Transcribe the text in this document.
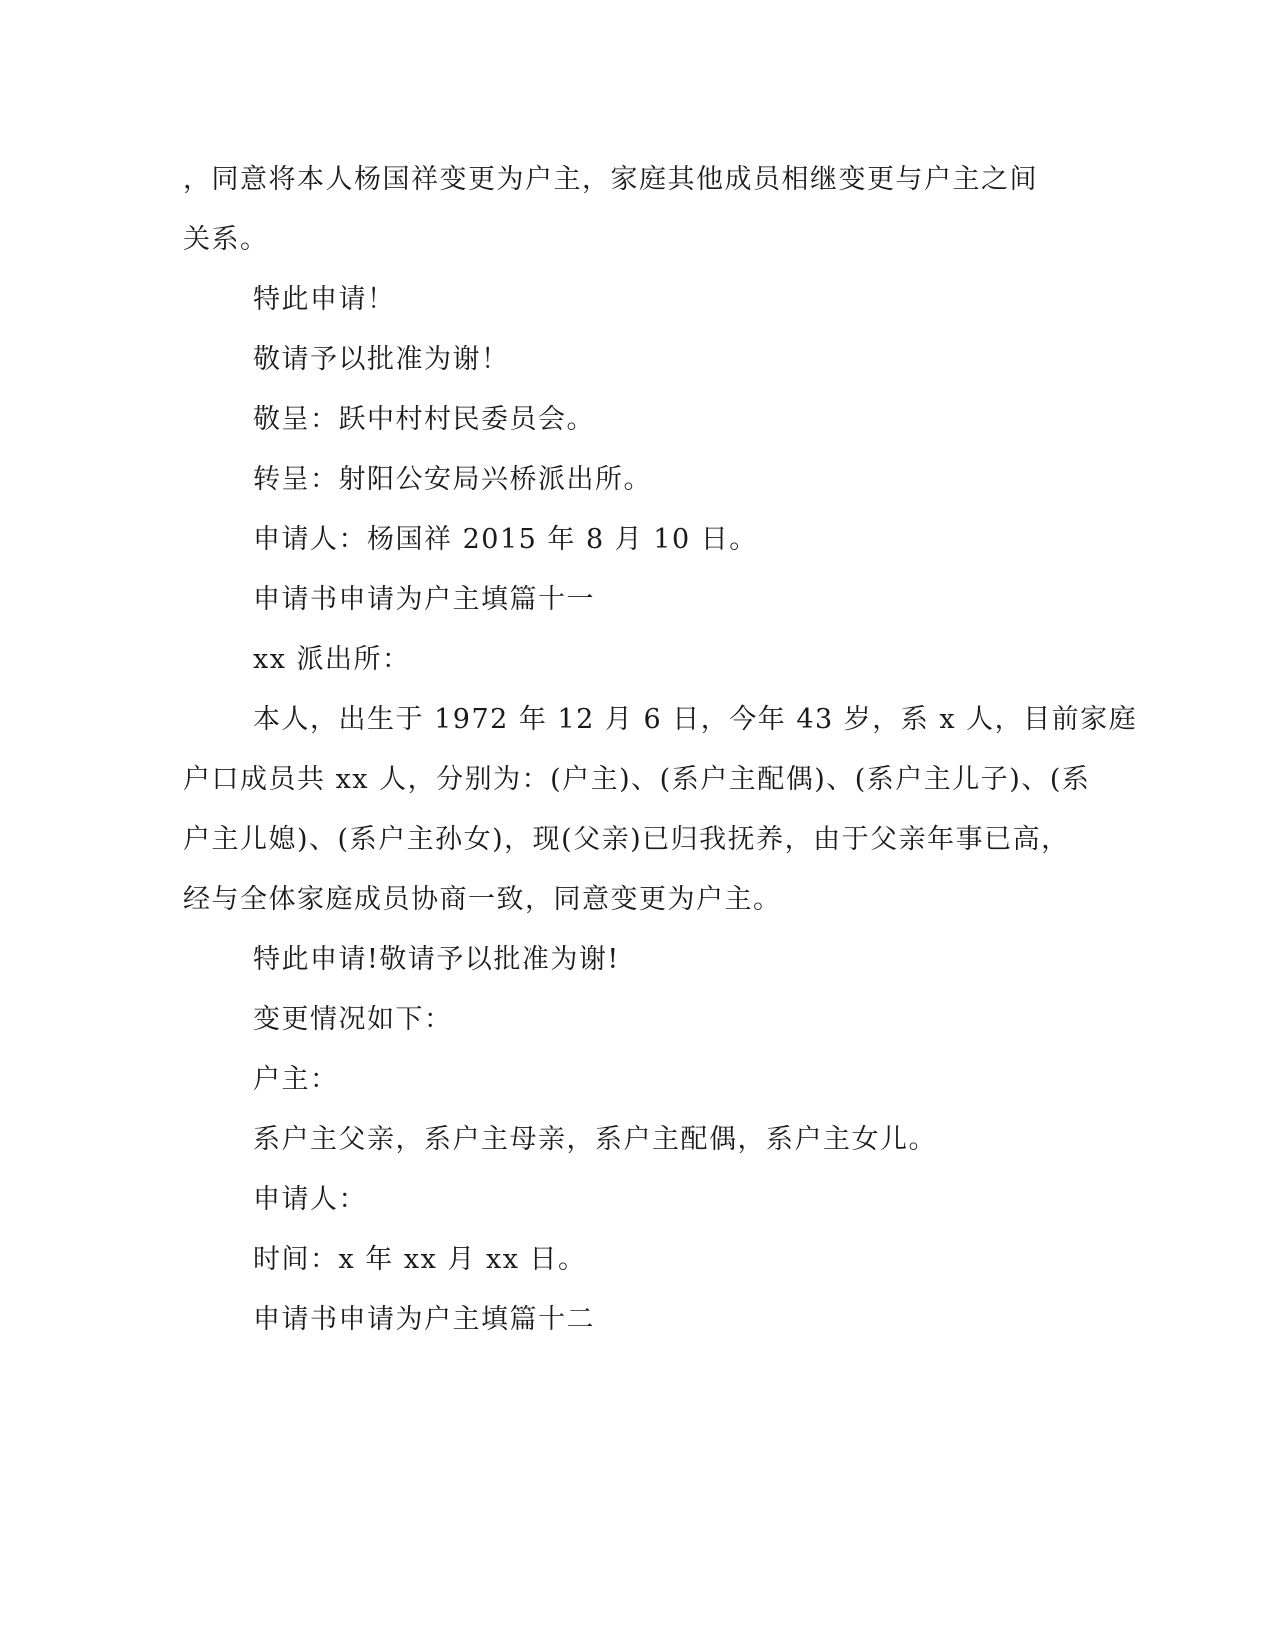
，同意将本人杨国祥变更为户主，家庭其他成员相继变更与户主之间
关系。
特此申请！
敬请予以批准为谢！
敬呈：跃中村村民委员会。
转呈：射阳公安局兴桥派出所。
申请人：杨国祥 2015 年 8 月 10 日。
申请书申请为户主填篇十一
xx 派出所：
本人，出生于 1972 年 12 月 6 日，今年 43 岁，系 x 人，目前家庭
户口成员共 xx 人，分别为：(户主)、(系户主配偶)、(系户主儿子)、(系
户主儿媳)、(系户主孙女)，现(父亲)已归我抚养，由于父亲年事已高，
经与全体家庭成员协商一致，同意变更为户主。
特此申请!敬请予以批准为谢!
变更情况如下：
户主：
系户主父亲，系户主母亲，系户主配偶，系户主女儿。
申请人：
时间：x 年 xx 月 xx 日。
申请书申请为户主填篇十二
